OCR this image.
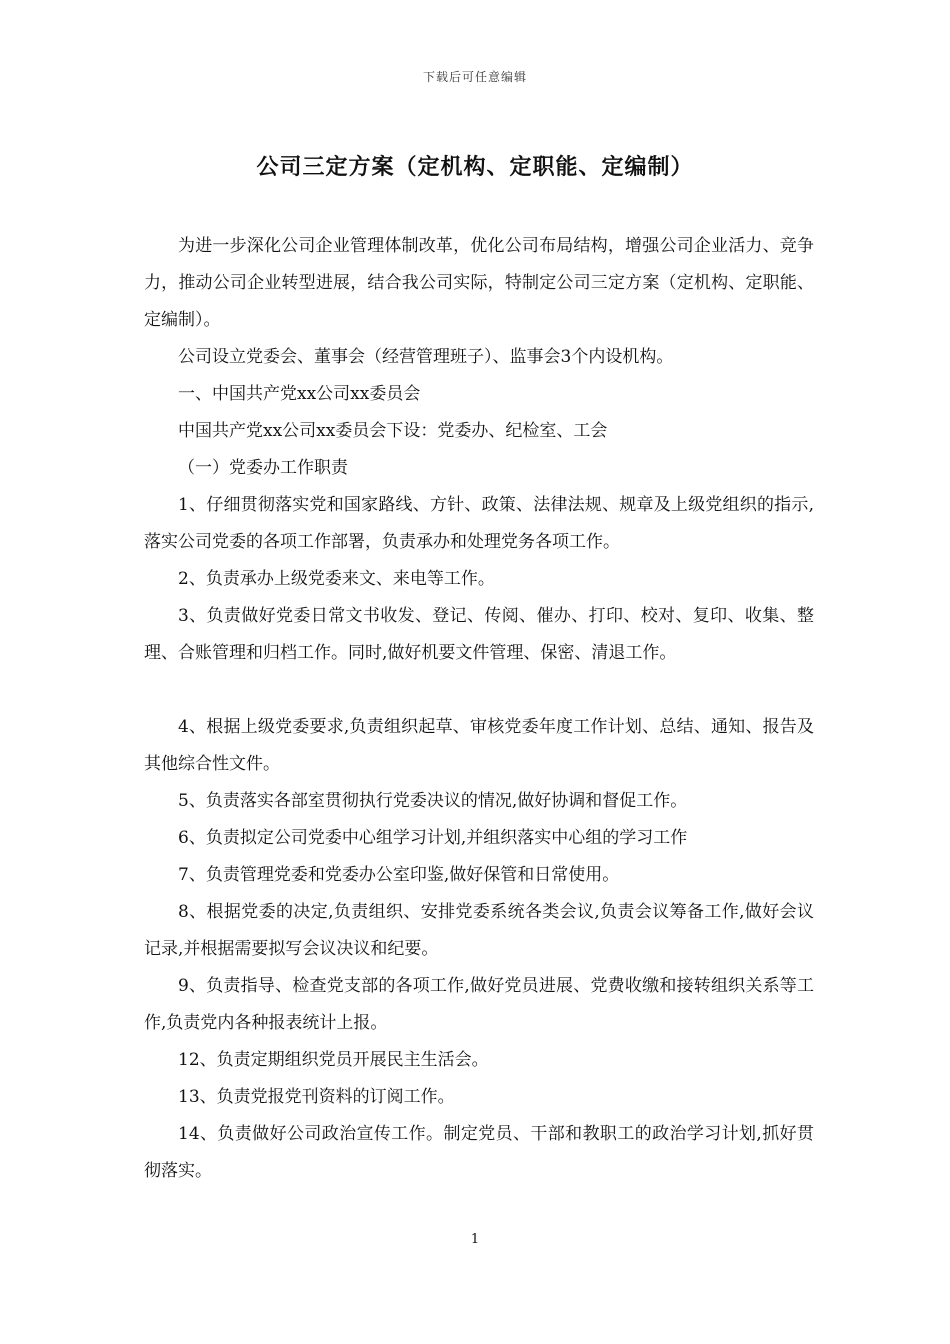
下载后可任意编辑
公司三定方案（定机构、定职能、定编制）

为进一步深化公司企业管理体制改革，优化公司布局结构，增强公司企业活力、竞争力，推动公司企业转型进展，结合我公司实际，特制定公司三定方案（定机构、定职能、定编制）。

公司设立党委会、董事会（经营管理班子）、监事会3个内设机构。

一、中国共产党xx公司xx委员会

中国共产党xx公司xx委员会下设：党委办、纪检室、工会

（一）党委办工作职责

1、仔细贯彻落实党和国家路线、方针、政策、法律法规、规章及上级党组织的指示,落实公司党委的各项工作部署，负责承办和处理党务各项工作。

2、负责承办上级党委来文、来电等工作。

3、负责做好党委日常文书收发、登记、传阅、催办、打印、校对、复印、收集、整理、合账管理和归档工作。同时,做好机要文件管理、保密、清退工作。

4、根据上级党委要求,负责组织起草、审核党委年度工作计划、总结、通知、报告及其他综合性文件。

5、负责落实各部室贯彻执行党委决议的情况,做好协调和督促工作。

6、负责拟定公司党委中心组学习计划,并组织落实中心组的学习工作

7、负责管理党委和党委办公室印鉴,做好保管和日常使用。

8、根据党委的决定,负责组织、安排党委系统各类会议,负责会议筹备工作,做好会议记录,并根据需要拟写会议决议和纪要。

9、负责指导、检查党支部的各项工作,做好党员进展、党费收缴和接转组织关系等工作,负责党内各种报表统计上报。

12、负责定期组织党员开展民主生活会。

13、负责党报党刊资料的订阅工作。

14、负责做好公司政治宣传工作。制定党员、干部和教职工的政治学习计划,抓好贯彻落实。

1
